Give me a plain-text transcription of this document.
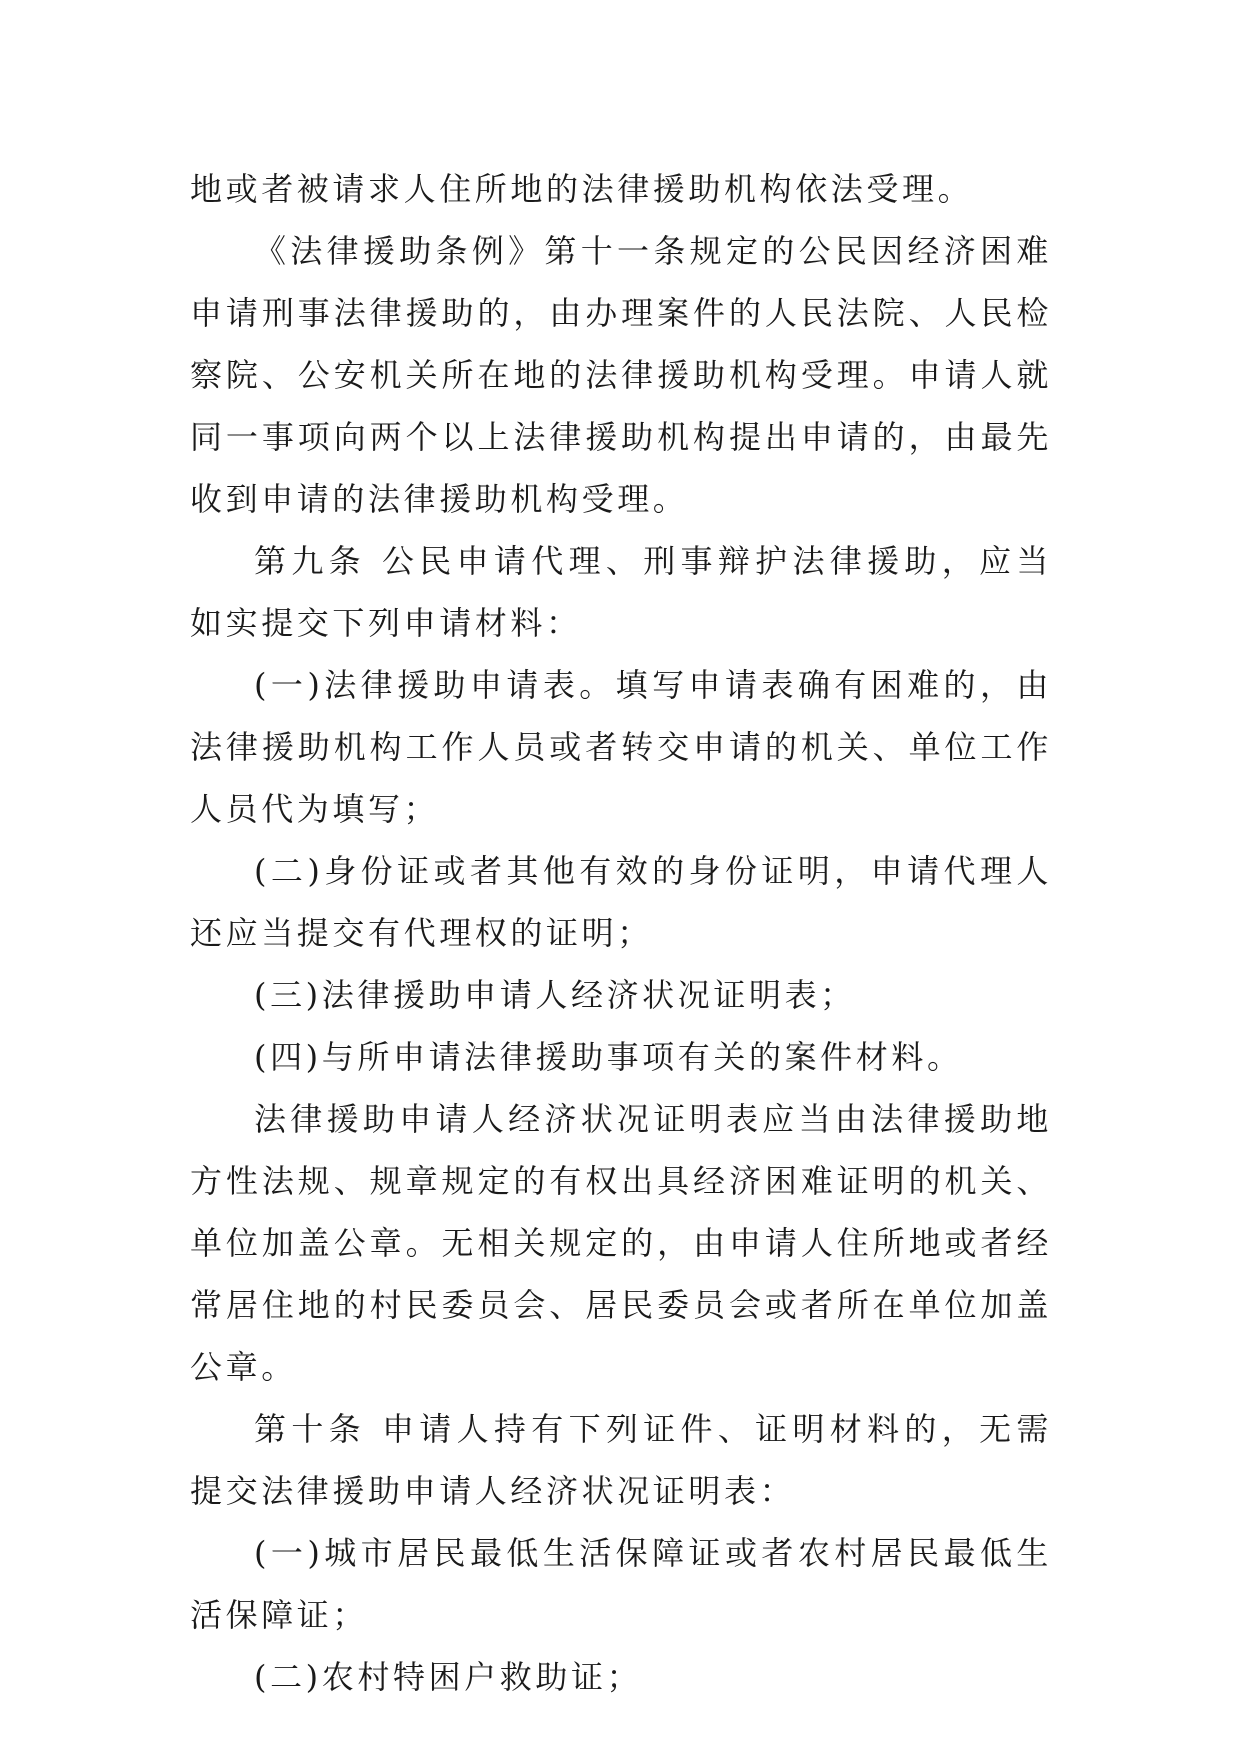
地或者被请求人住所地的法律援助机构依法受理。

《法律援助条例》第十一条规定的公民因经济困难申请刑事法律援助的，由办理案件的人民法院、人民检察院、公安机关所在地的法律援助机构受理。申请人就同一事项向两个以上法律援助机构提出申请的，由最先收到申请的法律援助机构受理。

第九条 公民申请代理、刑事辩护法律援助，应当如实提交下列申请材料：

(一)法律援助申请表。填写申请表确有困难的，由法律援助机构工作人员或者转交申请的机关、单位工作人员代为填写；

(二)身份证或者其他有效的身份证明，申请代理人还应当提交有代理权的证明；

(三)法律援助申请人经济状况证明表；

(四)与所申请法律援助事项有关的案件材料。

法律援助申请人经济状况证明表应当由法律援助地方性法规、规章规定的有权出具经济困难证明的机关、单位加盖公章。无相关规定的，由申请人住所地或者经常居住地的村民委员会、居民委员会或者所在单位加盖公章。

第十条 申请人持有下列证件、证明材料的，无需提交法律援助申请人经济状况证明表：

(一)城市居民最低生活保障证或者农村居民最低生活保障证；

(二)农村特困户救助证；
